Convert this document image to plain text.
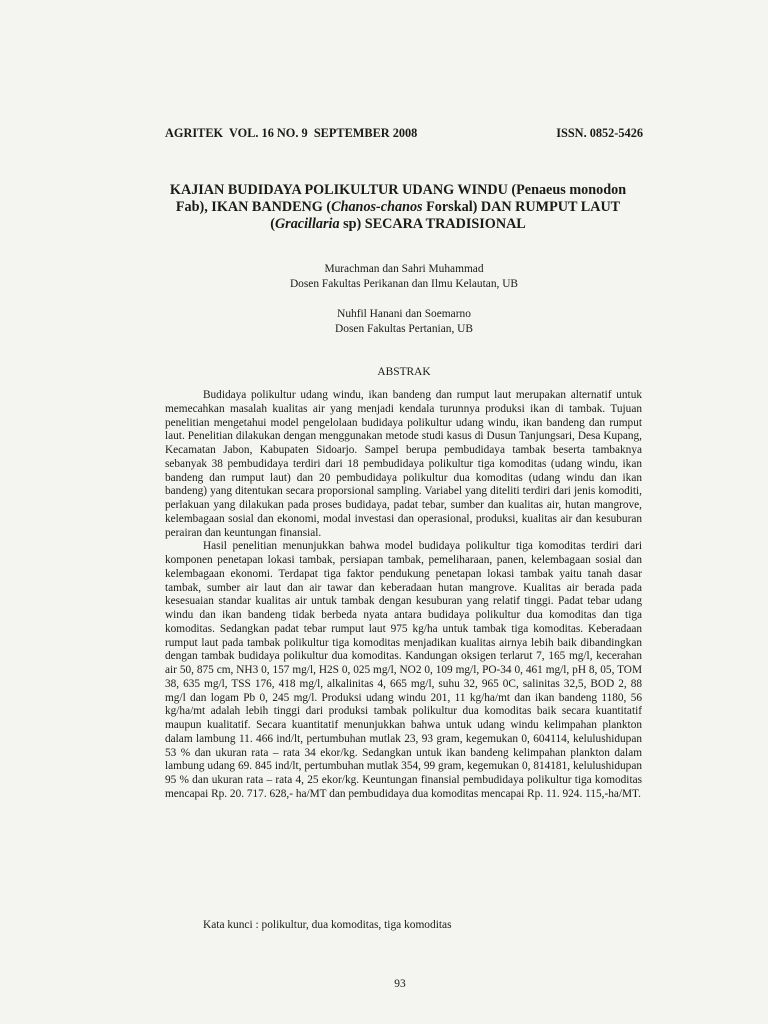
AGRITEK  VOL. 16 NO. 9  SEPTEMBER 2008	ISSN. 0852-5426
KAJIAN BUDIDAYA POLIKULTUR UDANG WINDU (Penaeus monodon
Fab), IKAN BANDENG (Chanos-chanos Forskal) DAN RUMPUT LAUT
(Gracillaria sp) SECARA TRADISIONAL
Murachman dan Sahri Muhammad
Dosen Fakultas Perikanan dan Ilmu Kelautan, UB
Nuhfil Hanani dan Soemarno
Dosen Fakultas Pertanian, UB
ABSTRAK

Budidaya polikultur udang windu, ikan bandeng dan rumput laut merupakan alternatif untuk memecahkan masalah kualitas air yang menjadi kendala turunnya produksi ikan di tambak. Tujuan penelitian mengetahui model pengelolaan budidaya polikultur udang windu, ikan bandeng dan rumput laut. Penelitian dilakukan dengan menggunakan metode studi kasus di Dusun Tanjungsari, Desa Kupang, Kecamatan Jabon, Kabupaten Sidoarjo. Sampel berupa pembudidaya tambak beserta tambaknya sebanyak 38 pembudidaya terdiri dari 18 pembudidaya polikultur tiga komoditas (udang windu, ikan bandeng dan rumput laut) dan 20 pembudidaya polikultur dua komoditas (udang windu dan ikan bandeng) yang ditentukan secara proporsional sampling. Variabel yang diteliti terdiri dari jenis komoditi, perlakuan yang dilakukan pada proses budidaya, padat tebar, sumber dan kualitas air, hutan mangrove, kelembagaan sosial dan ekonomi, modal investasi dan operasional, produksi, kualitas air dan kesuburan perairan dan keuntungan finansial.

Hasil penelitian menunjukkan bahwa model budidaya polikultur tiga komoditas terdiri dari komponen penetapan lokasi tambak, persiapan tambak, pemeliharaan, panen, kelembagaan sosial dan kelembagaan ekonomi. Terdapat tiga faktor pendukung penetapan lokasi tambak yaitu tanah dasar tambak, sumber air laut dan air tawar dan keberadaan hutan mangrove. Kualitas air berada pada kesesuaian standar kualitas air untuk tambak dengan kesuburan yang relatif tinggi. Padat tebar udang windu dan ikan bandeng tidak berbeda nyata antara budidaya polikultur dua komoditas dan tiga komoditas. Sedangkan padat tebar rumput laut 975 kg/ha untuk tambak tiga komoditas. Keberadaan rumput laut pada tambak polikultur tiga komoditas menjadikan kualitas airnya lebih baik dibandingkan dengan tambak budidaya polikultur dua komoditas. Kandungan oksigen terlarut 7, 165 mg/l, kecerahan air 50, 875 cm, NH3 0, 157 mg/l, H2S 0, 025 mg/l, NO2 0, 109 mg/l, PO-34 0, 461 mg/l, pH 8, 05, TOM 38, 635 mg/l, TSS 176, 418 mg/l, alkalinitas 4, 665 mg/l, suhu 32, 965 0C, salinitas 32,5, BOD 2, 88 mg/l dan logam Pb 0, 245 mg/l. Produksi udang windu 201, 11 kg/ha/mt dan ikan bandeng 1180, 56 kg/ha/mt adalah lebih tinggi dari produksi tambak polikultur dua komoditas baik secara kuantitatif maupun kualitatif. Secara kuantitatif menunjukkan bahwa untuk udang windu kelimpahan plankton dalam lambung 11. 466 ind/lt, pertumbuhan mutlak 23, 93 gram, kegemukan 0, 604114, kelulushidupan 53 % dan ukuran rata – rata 34 ekor/kg. Sedangkan untuk ikan bandeng kelimpahan plankton dalam lambung udang 69. 845 ind/lt, pertumbuhan mutlak 354, 99 gram, kegemukan 0, 814181, kelulushidupan 95 % dan ukuran rata – rata 4, 25 ekor/kg. Keuntungan finansial pembudidaya polikultur tiga komoditas mencapai Rp. 20. 717. 628,- ha/MT dan pembudidaya dua komoditas mencapai Rp. 11. 924. 115,-ha/MT.

Kata kunci : polikultur, dua komoditas, tiga komoditas
93
